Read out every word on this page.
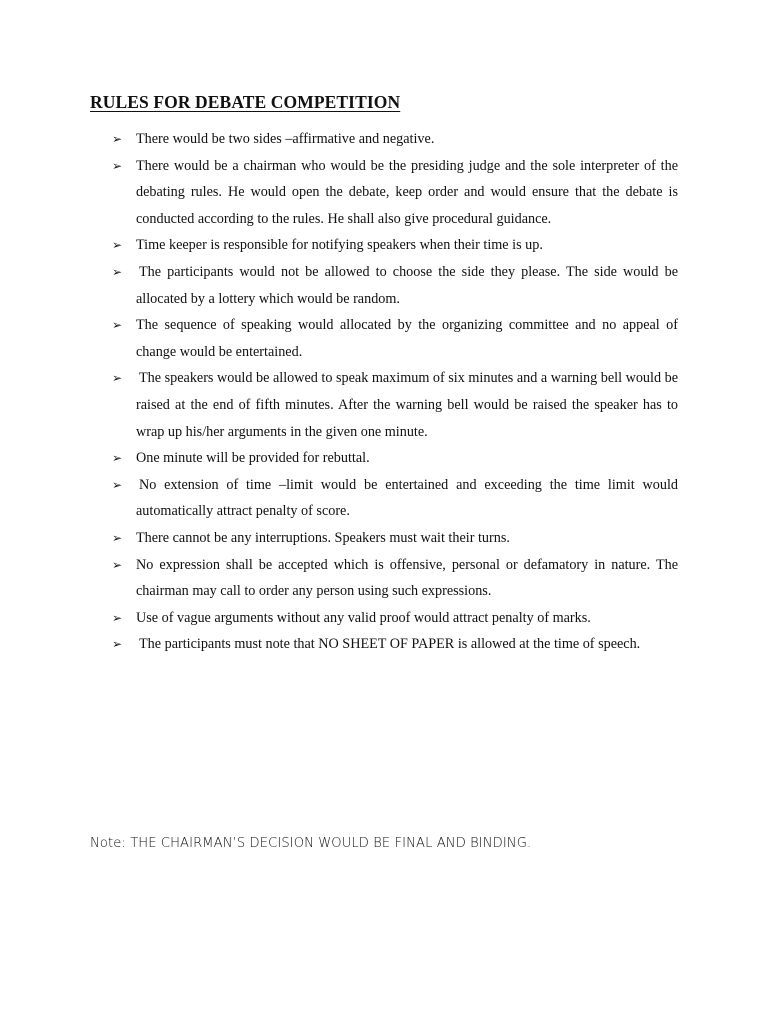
RULES FOR DEBATE COMPETITION
➢ There would be two sides –affirmative and negative.
➢ There would be a chairman who would be the presiding judge and the sole interpreter of the debating rules. He would open the debate, keep order and would ensure that the debate is conducted according to the rules. He shall also give procedural guidance.
➢ Time keeper is responsible for notifying speakers when their time is up.
➢ The participants would not be allowed to choose the side they please. The side would be allocated by a lottery which would be random.
➢ The sequence of speaking would allocated by the organizing committee and no appeal of change would be entertained.
➢ The speakers would be allowed to speak maximum of six minutes and a warning bell would be raised at the end of fifth minutes. After the warning bell would be raised the speaker has to wrap up his/her arguments in the given one minute.
➢ One minute will be provided for rebuttal.
➢ No extension of time –limit would be entertained and exceeding the time limit would automatically attract penalty of score.
➢ There cannot be any interruptions. Speakers must wait their turns.
➢ No expression shall be accepted which is offensive, personal or defamatory in nature. The chairman may call to order any person using such expressions.
➢ Use of vague arguments without any valid proof would attract penalty of marks.
➢ The participants must note that NO SHEET OF PAPER is allowed at the time of speech.
Note: THE CHAIRMAN’S DECISION WOULD BE FINAL AND BINDING.
